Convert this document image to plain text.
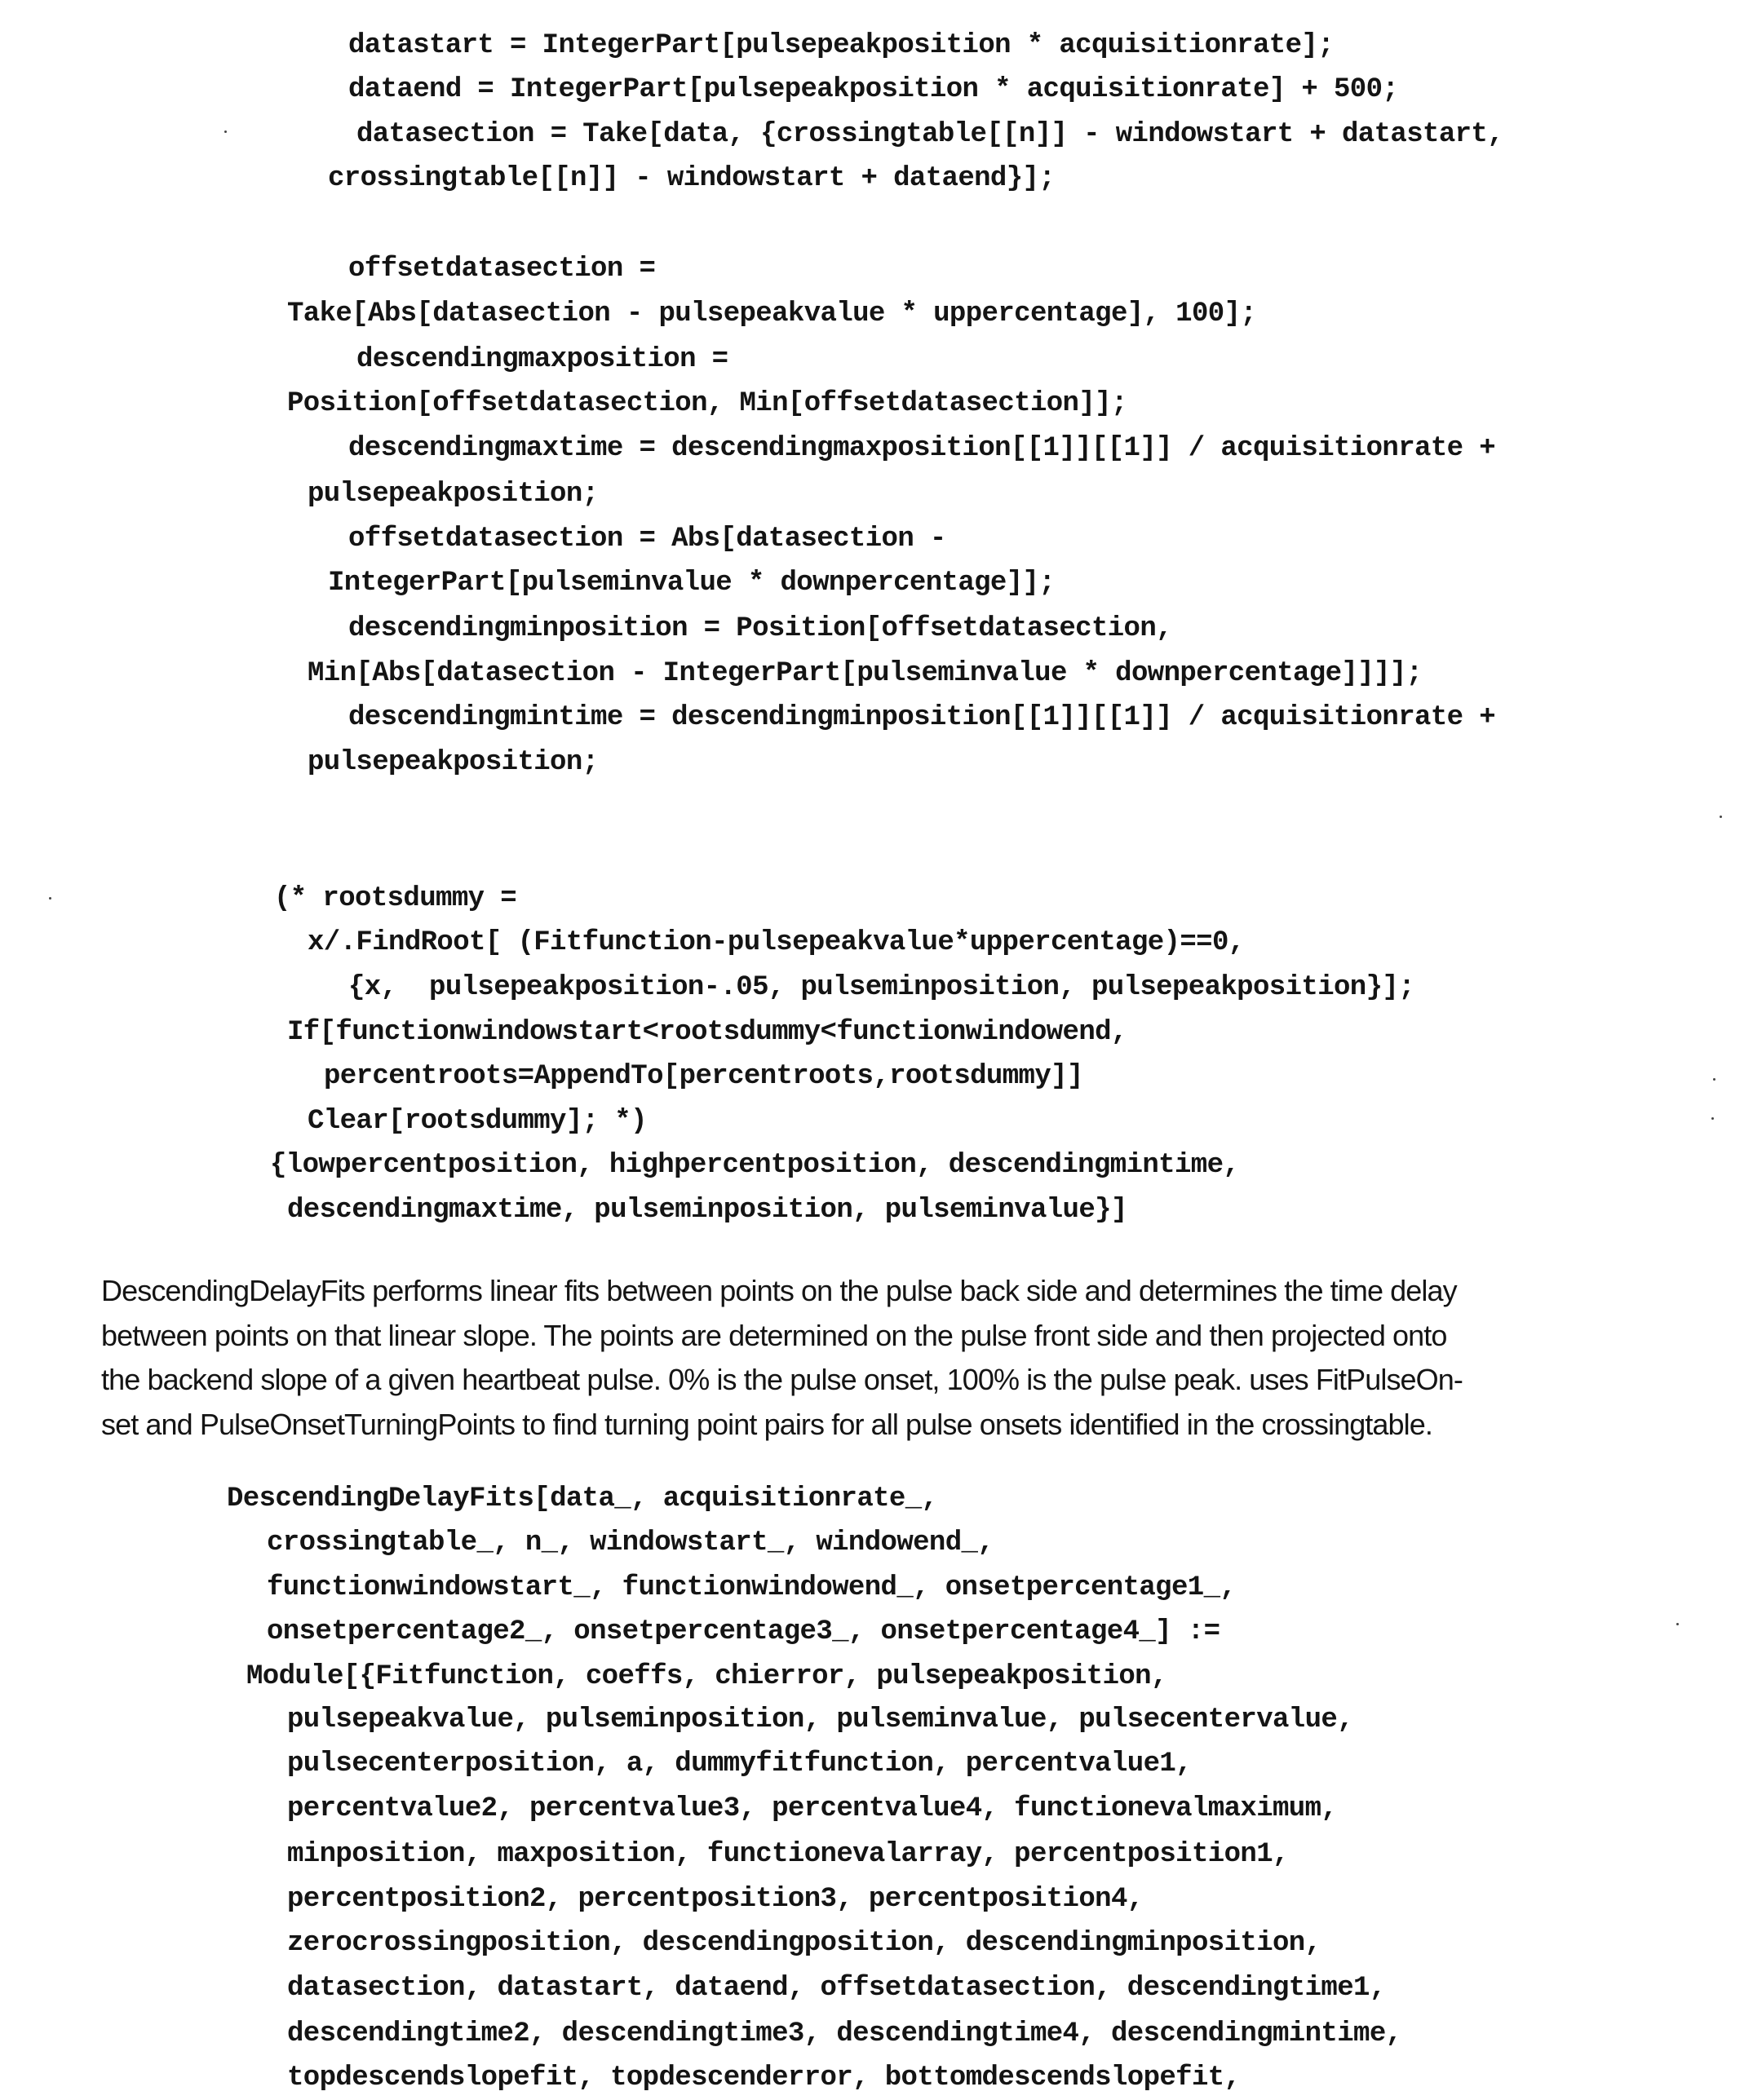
datastart = IntegerPart[pulsepeakposition * acquisitionrate];
dataend = IntegerPart[pulsepeakposition * acquisitionrate] + 500;
datasection = Take[data, {crossingtable[[n]] - windowstart + datastart,
crossingtable[[n]] - windowstart + dataend}];
offsetdatasection =
Take[Abs[datasection - pulsepeakvalue * uppercentage], 100];
descendingmaxposition =
Position[offsetdatasection, Min[offsetdatasection]];
descendingmaxtime = descendingmaxposition[[1]][[1]] / acquisitionrate +
pulsepeakposition;
offsetdatasection = Abs[datasection -
IntegerPart[pulseminvalue * downpercentage]];
descendingminposition = Position[offsetdatasection,
Min[Abs[datasection - IntegerPart[pulseminvalue * downpercentage]]]];
descendingmintime = descendingminposition[[1]][[1]] / acquisitionrate +
pulsepeakposition;
(* rootsdummy =
x/.FindRoot[ (Fitfunction-pulsepeakvalue*uppercentage)==0,
{x,  pulsepeakposition-.05, pulseminposition, pulsepeakposition}];
If[functionwindowstart<rootsdummy<functionwindowend,
percentroots=AppendTo[percentroots,rootsdummy]]
Clear[rootsdummy]; *)
{lowpercentposition, highpercentposition, descendingmintime,
descendingmaxtime, pulseminposition, pulseminvalue}]
DescendingDelayFits performs linear fits between points on the pulse back side and determines the time delay
between points on that linear slope. The points are determined on the pulse front side and then projected onto
the backend slope of a given heartbeat pulse. 0% is the pulse onset, 100% is the pulse peak. uses FitPulseOn-
set and PulseOnsetTurningPoints to find turning point pairs for all pulse onsets identified in the crossingtable.
DescendingDelayFits[data_, acquisitionrate_,
crossingtable_, n_, windowstart_, windowend_,
functionwindowstart_, functionwindowend_, onsetpercentage1_,
onsetpercentage2_, onsetpercentage3_, onsetpercentage4_] :=
Module[{Fitfunction, coeffs, chierror, pulsepeakposition,
pulsepeakvalue, pulseminposition, pulseminvalue, pulsecentervalue,
pulsecenterposition, a, dummyfitfunction, percentvalue1,
percentvalue2, percentvalue3, percentvalue4, functionevalmaximum,
minposition, maxposition, functionevalarray, percentposition1,
percentposition2, percentposition3, percentposition4,
zerocrossingposition, descendingposition, descendingminposition,
datasection, datastart, dataend, offsetdatasection, descendingtime1,
descendingtime2, descendingtime3, descendingtime4, descendingmintime,
topdescendslopefit, topdescenderror, bottomdescendslopefit,
